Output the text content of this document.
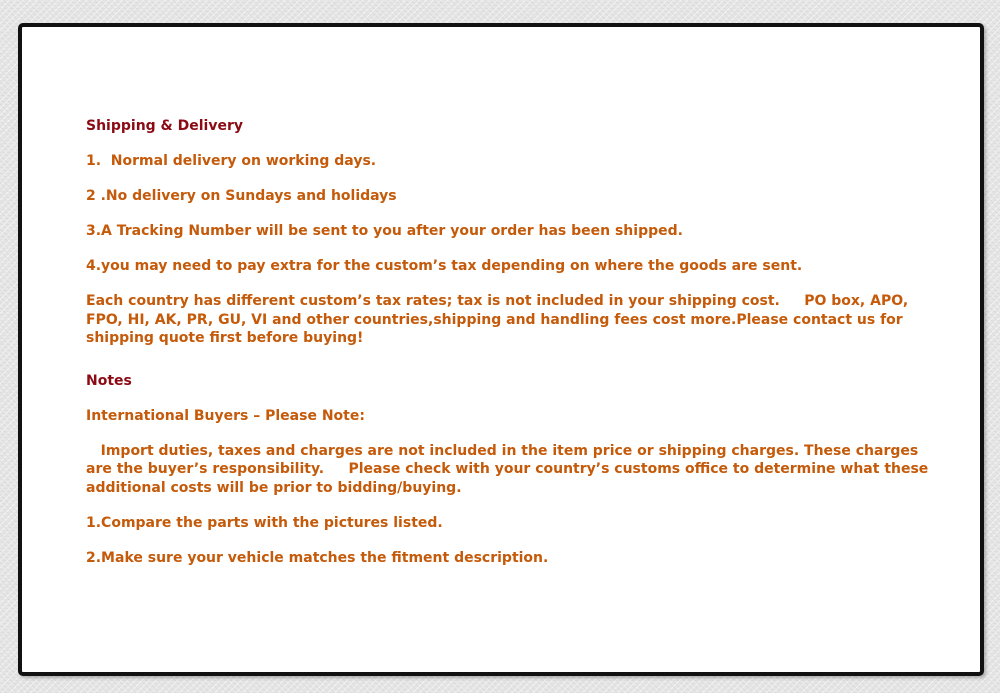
Shipping & Delivery

1.  Normal delivery on working days.

2 .No delivery on Sundays and holidays

3.A Tracking Number will be sent to you after your order has been shipped.

4.you may need to pay extra for the custom’s tax depending on where the goods are sent.

Each country has different custom’s tax rates; tax is not included in your shipping cost.     PO box, APO, FPO, HI, AK, PR, GU, VI and other countries,shipping and handling fees cost more.Please contact us for shipping quote first before buying!

Notes

International Buyers – Please Note:

Import duties, taxes and charges are not included in the item price or shipping charges. These charges are the buyer’s responsibility.     Please check with your country’s customs office to determine what these additional costs will be prior to bidding/buying.

1.Compare the parts with the pictures listed.

2.Make sure your vehicle matches the fitment description.
